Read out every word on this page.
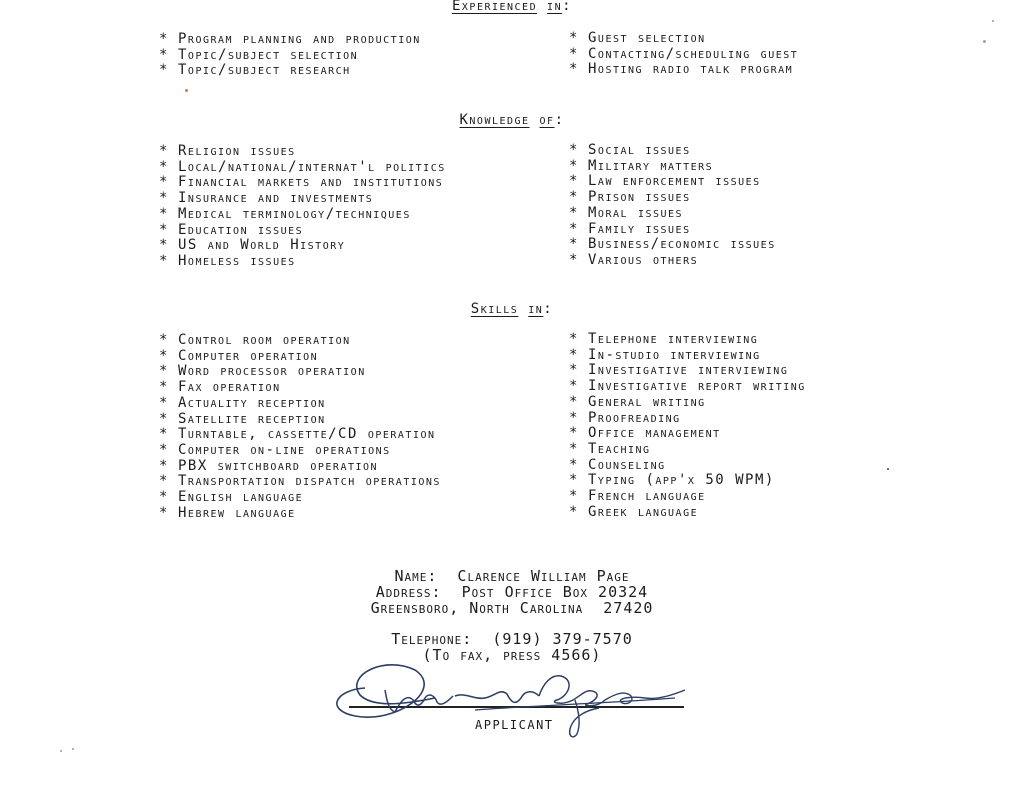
Experienced in:
* Program planning and production
* Topic/subject selection
* Topic/subject research
* Guest selection
* Contacting/scheduling guest
* Hosting radio talk program
Knowledge of:
* Religion issues
* Local/national/internat'l politics
* Financial markets and institutions
* Insurance and investments
* Medical terminology/techniques
* Education issues
* US and World History
* Homeless issues
* Social issues
* Military matters
* Law enforcement issues
* Prison issues
* Moral issues
* Family issues
* Business/economic issues
* Various others
Skills in:
* Control room operation
* Computer operation
* Word processor operation
* Fax operation
* Actuality reception
* Satellite reception
* Turntable, cassette/CD operation
* Computer on-line operations
* PBX switchboard operation
* Transportation dispatch operations
* English language
* Hebrew language
* Telephone interviewing
* In-studio interviewing
* Investigative interviewing
* Investigative report writing
* General writing
* Proofreading
* Office management
* Teaching
* Counseling
* Typing (app'x 50 WPM)
* French language
* Greek language
Name:  Clarence William Page
Address:  Post Office Box 20324
Greensboro, North Carolina  27420
Telephone:  (919) 379-7570
(To fax, press 4566)
APPLICANT
